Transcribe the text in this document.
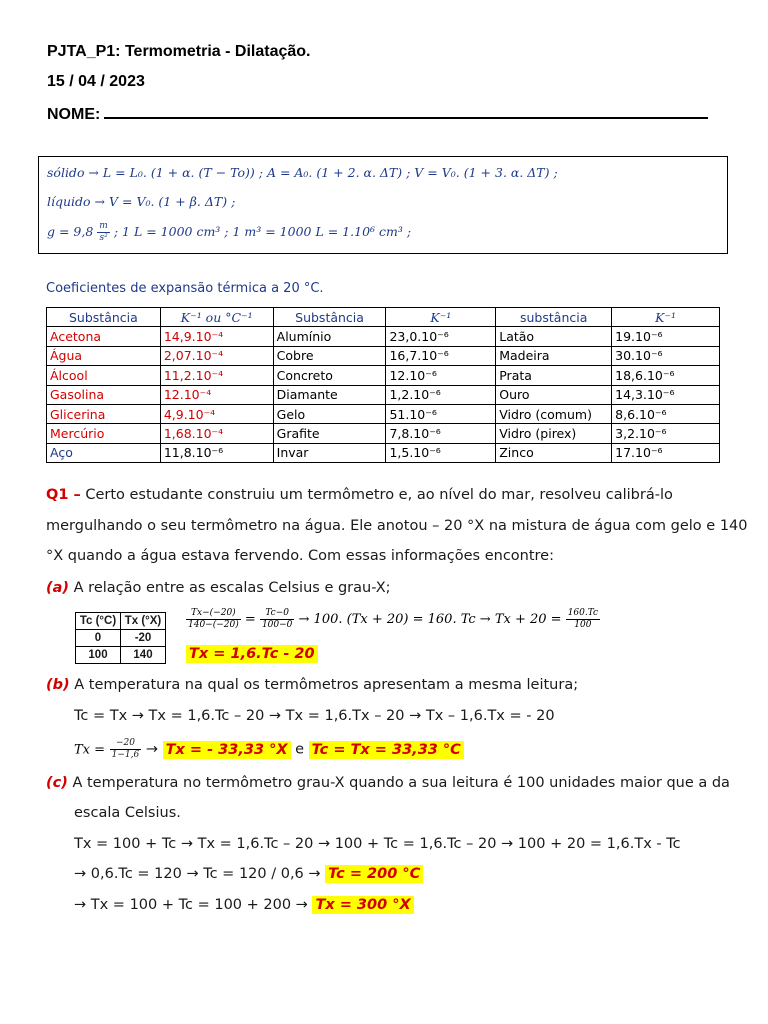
PJTA_P1: Termometria - Dilatação.
15 / 04 / 2023
NOME:
sólido → L = L₀. (1 + α. (T − To)) ; A = A₀. (1 + 2. α. ΔT) ; V = V₀. (1 + 3. α. ΔT) ;
líquido → V = V₀. (1 + β. ΔT) ;
$g = 9,8 \frac{m}{\text{s²}}$ ; 1 L = 1000 cm³ ; 1 m³ = 1000 L = 1.10⁶ cm³ ;
Coeficientes de expansão térmica a 20 °C.
Substância	K⁻¹ ou °C⁻¹	Substância	K⁻¹	substância	K⁻¹
Acetona	14,9.10⁻⁴	Alumínio	23,0.10⁻⁶	Latão	19.10⁻⁶
Água	2,07.10⁻⁴	Cobre	16,7.10⁻⁶	Madeira	30.10⁻⁶
Álcool	11,2.10⁻⁴	Concreto	12.10⁻⁶	Prata	18,6.10⁻⁶
Gasolina	12.10⁻⁴	Diamante	1,2.10⁻⁶	Ouro	14,3.10⁻⁶
Glicerina	4,9.10⁻⁴	Gelo	51.10⁻⁶	Vidro (comum)	8,6.10⁻⁶
Mercúrio	1,68.10⁻⁴	Grafite	7,8.10⁻⁶	Vidro (pirex)	3,2.10⁻⁶
Aço	11,8.10⁻⁶	Invar	1,5.10⁻⁶	Zinco	17.10⁻⁶
Q1 – Certo estudante construiu um termômetro e, ao nível do mar, resolveu calibrá-lo
mergulhando o seu termômetro na água. Ele anotou – 20 °X na mistura de água com gelo e 140
°X quando a água estava fervendo. Com essas informações encontre:
(a) A relação entre as escalas Celsius e grau-X;
Tc (°C)	Tx (°X)
0	-20
100	140
$\frac{Tx-(-20)}{140-(-20)} = \frac{Tc-0}{100-0} \to 100$. (Tx + 20) = 160. $Tc \to Tx + 20 = \frac{160.Tc}{100}$
Tx = 1,6.Tc - 20
(b) A temperatura na qual os termômetros apresentam a mesma leitura;
Tc = Tx → Tx = 1,6.Tc – 20 → Tx = 1,6.Tx – 20 → Tx – 1,6.Tx = - 20
$Tx = \frac{-20}{1-1,6} \to Tx$ = - 33,33 °X e Tc = Tx = 33,33 °C
(c) A temperatura no termômetro grau-X quando a sua leitura é 100 unidades maior que a da
escala Celsius.
Tx = 100 + Tc → Tx = 1,6.Tc – 20 → 100 + Tc = 1,6.Tc – 20 → 100 + 20 = 1,6.Tx - Tc
→ 0,6.Tc = 120 → Tc = 120 / 0,6 → Tc = 200 °C
→ Tx = 100 + Tc = 100 + 200 → Tx = 300 °X
